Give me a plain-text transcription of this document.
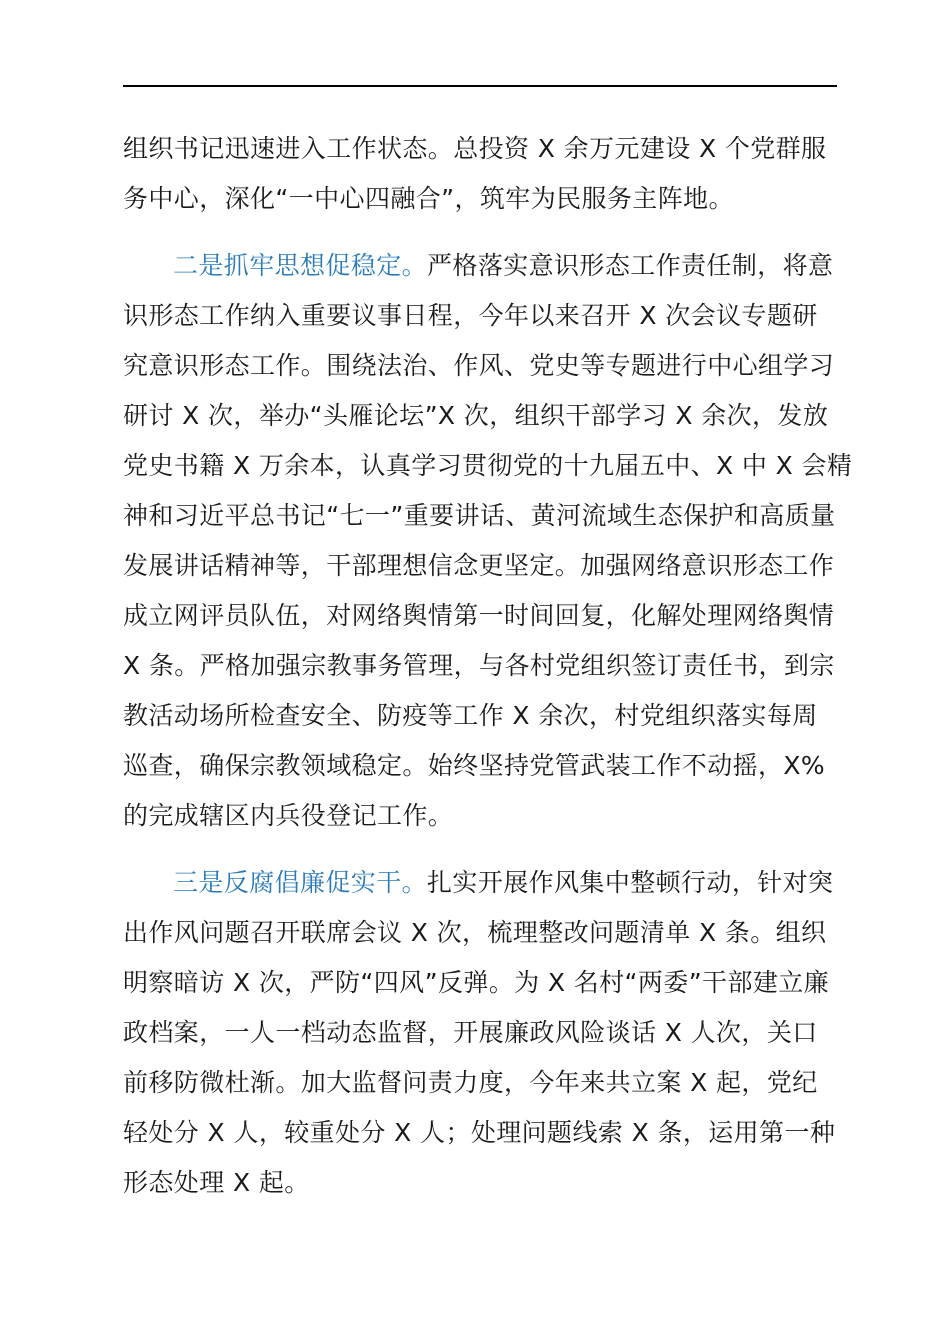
组织书记迅速进入工作状态。总投资 X 余万元建设 X 个党群服
务中心，深化“一中心四融合”，筑牢为民服务主阵地。

二是抓牢思想促稳定。严格落实意识形态工作责任制，将意
识形态工作纳入重要议事日程，今年以来召开 X 次会议专题研
究意识形态工作。围绕法治、作风、党史等专题进行中心组学习
研讨 X 次，举办“头雁论坛”X 次，组织干部学习 X 余次，发放
党史书籍 X 万余本，认真学习贯彻党的十九届五中、X 中 X 会精
神和习近平总书记“七一”重要讲话、黄河流域生态保护和高质量
发展讲话精神等，干部理想信念更坚定。加强网络意识形态工作
成立网评员队伍，对网络舆情第一时间回复，化解处理网络舆情
X 条。严格加强宗教事务管理，与各村党组织签订责任书，到宗
教活动场所检查安全、防疫等工作 X 余次，村党组织落实每周
巡查，确保宗教领域稳定。始终坚持党管武装工作不动摇，X%
的完成辖区内兵役登记工作。

三是反腐倡廉促实干。扎实开展作风集中整顿行动，针对突
出作风问题召开联席会议 X 次，梳理整改问题清单 X 条。组织
明察暗访 X 次，严防“四风”反弹。为 X 名村“两委”干部建立廉
政档案，一人一档动态监督，开展廉政风险谈话 X 人次，关口
前移防微杜渐。加大监督问责力度，今年来共立案 X 起，党纪
轻处分 X 人，较重处分 X 人；处理问题线索 X 条，运用第一种
形态处理 X 起。
